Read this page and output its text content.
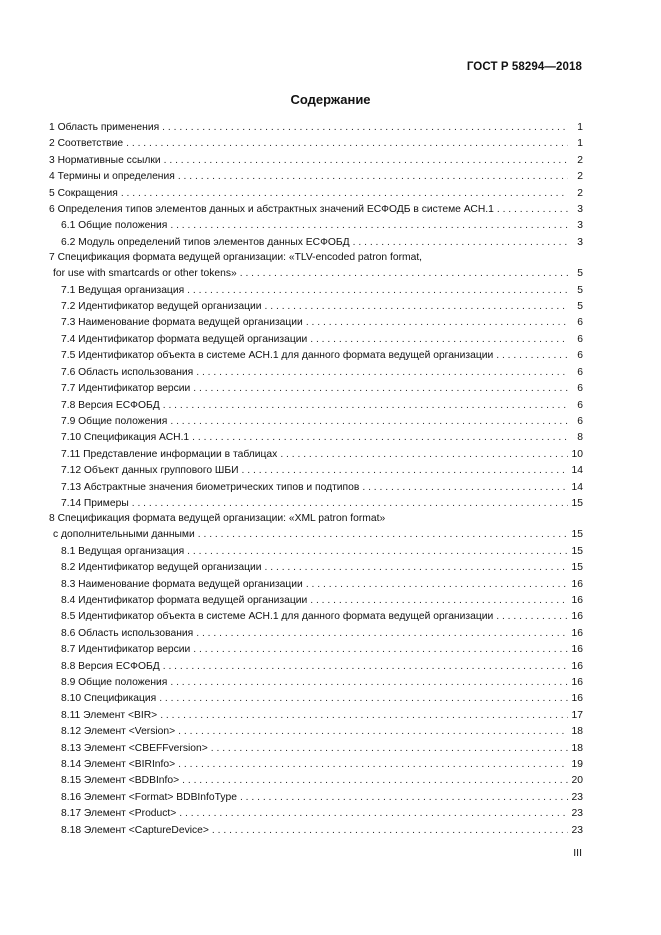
ГОСТ Р 58294—2018
Содержание
1 Область применения . . .	1
2 Соответствие . . .	1
3 Нормативные ссылки . . .	2
4 Термины и определения . . .	2
5 Сокращения . . .	2
6 Определения типов элементов данных и абстрактных значений ЕСФОДБ в системе АСН.1 . . .	3
6.1 Общие положения . . .	3
6.2 Модуль определений типов элементов данных ЕСФОБД . . .	3
7 Спецификация формата ведущей организации: «TLV-encoded patron format,
for use with smartcards or other tokens» . . .	5
7.1 Ведущая организация . . .	5
7.2 Идентификатор ведущей организации . . .	5
7.3 Наименование формата ведущей организации . . .	6
7.4 Идентификатор формата ведущей организации . . .	6
7.5 Идентификатор объекта в системе АСН.1 для данного формата ведущей организации . . .	6
7.6 Область использования . . .	6
7.7 Идентификатор версии . . .	6
7.8 Версия ЕСФОБД . . .	6
7.9 Общие положения . . .	6
7.10 Спецификация АСН.1 . . .	8
7.11 Представление информации в таблицах . . .	10
7.12 Объект данных группового ШБИ . . .	14
7.13 Абстрактные значения биометрических типов и подтипов . . .	14
7.14 Примеры . . .	15
8 Спецификация формата ведущей организации: «XML patron format»
с дополнительными данными . . .	15
8.1 Ведущая организация . . .	15
8.2 Идентификатор ведущей организации . . .	15
8.3 Наименование формата ведущей организации . . .	16
8.4 Идентификатор формата ведущей организации . . .	16
8.5 Идентификатор объекта в системе АСН.1 для данного формата ведущей организации . . .	16
8.6 Область использования . . .	16
8.7 Идентификатор версии . . .	16
8.8 Версия ЕСФОБД . . .	16
8.9 Общие положения . . .	16
8.10 Спецификация . . .	16
8.11 Элемент <BIR> . . .	17
8.12 Элемент <Version> . . .	18
8.13 Элемент <CBEFFversion> . . .	18
8.14 Элемент <BIRInfo> . . .	19
8.15 Элемент <BDBInfo> . . .	20
8.16 Элемент <Format> BDBInfoType . . .	23
8.17 Элемент <Product> . . .	23
8.18 Элемент <CaptureDevice> . . .	23
III
